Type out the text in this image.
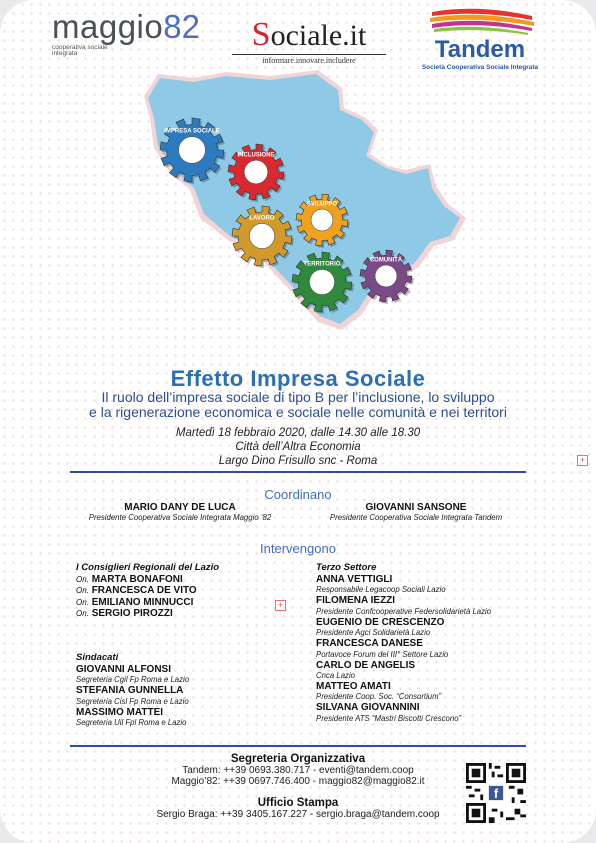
maggio82
cooperativa sociale
integrata
Sociale.it
informare.innovare.includere	Tandem
Società Cooperativa Sociale Integrata
IMPRESA SOCIALE
INCLUSIONE
SVILUPPO
LAVORO
TERRITORIO
COMUNITÀ
Effetto Impresa Sociale
Il ruolo dell’impresa sociale di tipo B per l’inclusione, lo sviluppo
e la rigenerazione economica e sociale nelle comunità e nei territori
Martedì 18 febbraio 2020, dalle 14.30 alle 18.30
Città dell’Altra Economia
Largo Dino Frisullo snc - Roma	+
Coordinano
MARIO DANY DE LUCA
Presidente Cooperativa Sociale Integrata Maggio ‘82
GIOVANNI SANSONE
Presidente Cooperativa Sociale Integrata Tandem
Intervengono
I Consiglieri Regionali del Lazio
On. MARTA BONAFONI
On. FRANCESCA DE VITO
On. EMILIANO MINNUCCI
On. SERGIO PIROZZI
+
Sindacati
GIOVANNI ALFONSI
Segreteria Cgil Fp Roma e Lazio
STEFANIA GUNNELLA
Segreteria Cisl Fp Roma e Lazio
MASSIMO MATTEI
Segreteria Uil Fpl Roma e Lazio
Terzo Settore
ANNA VETTIGLI
Responsabile Legacoop Sociali Lazio
FILOMENA IEZZI
Presidente Confcooperative Federsolidarietà Lazio
EUGENIO DE CRESCENZO
Presidente Agci Solidarietà Lazio
FRANCESCA DANESE
Portavoce Forum del III° Settore Lazio
CARLO DE ANGELIS
Cnca Lazio
MATTEO AMATI
Presidente Coop. Soc. “Consortium”
SILVANA GIOVANNINI
Presidente ATS “Mastri Biscotti Crescono”
Segreteria Organizzativa
Tandem: ++39 0693.380.717 - eventi@tandem.coop
Maggio’82: ++39 0697.746.400 - maggio82@maggio82.it
Ufficio Stampa
Sergio Braga: ++39 3405.167.227 - sergio.braga@tandem.coop
f
